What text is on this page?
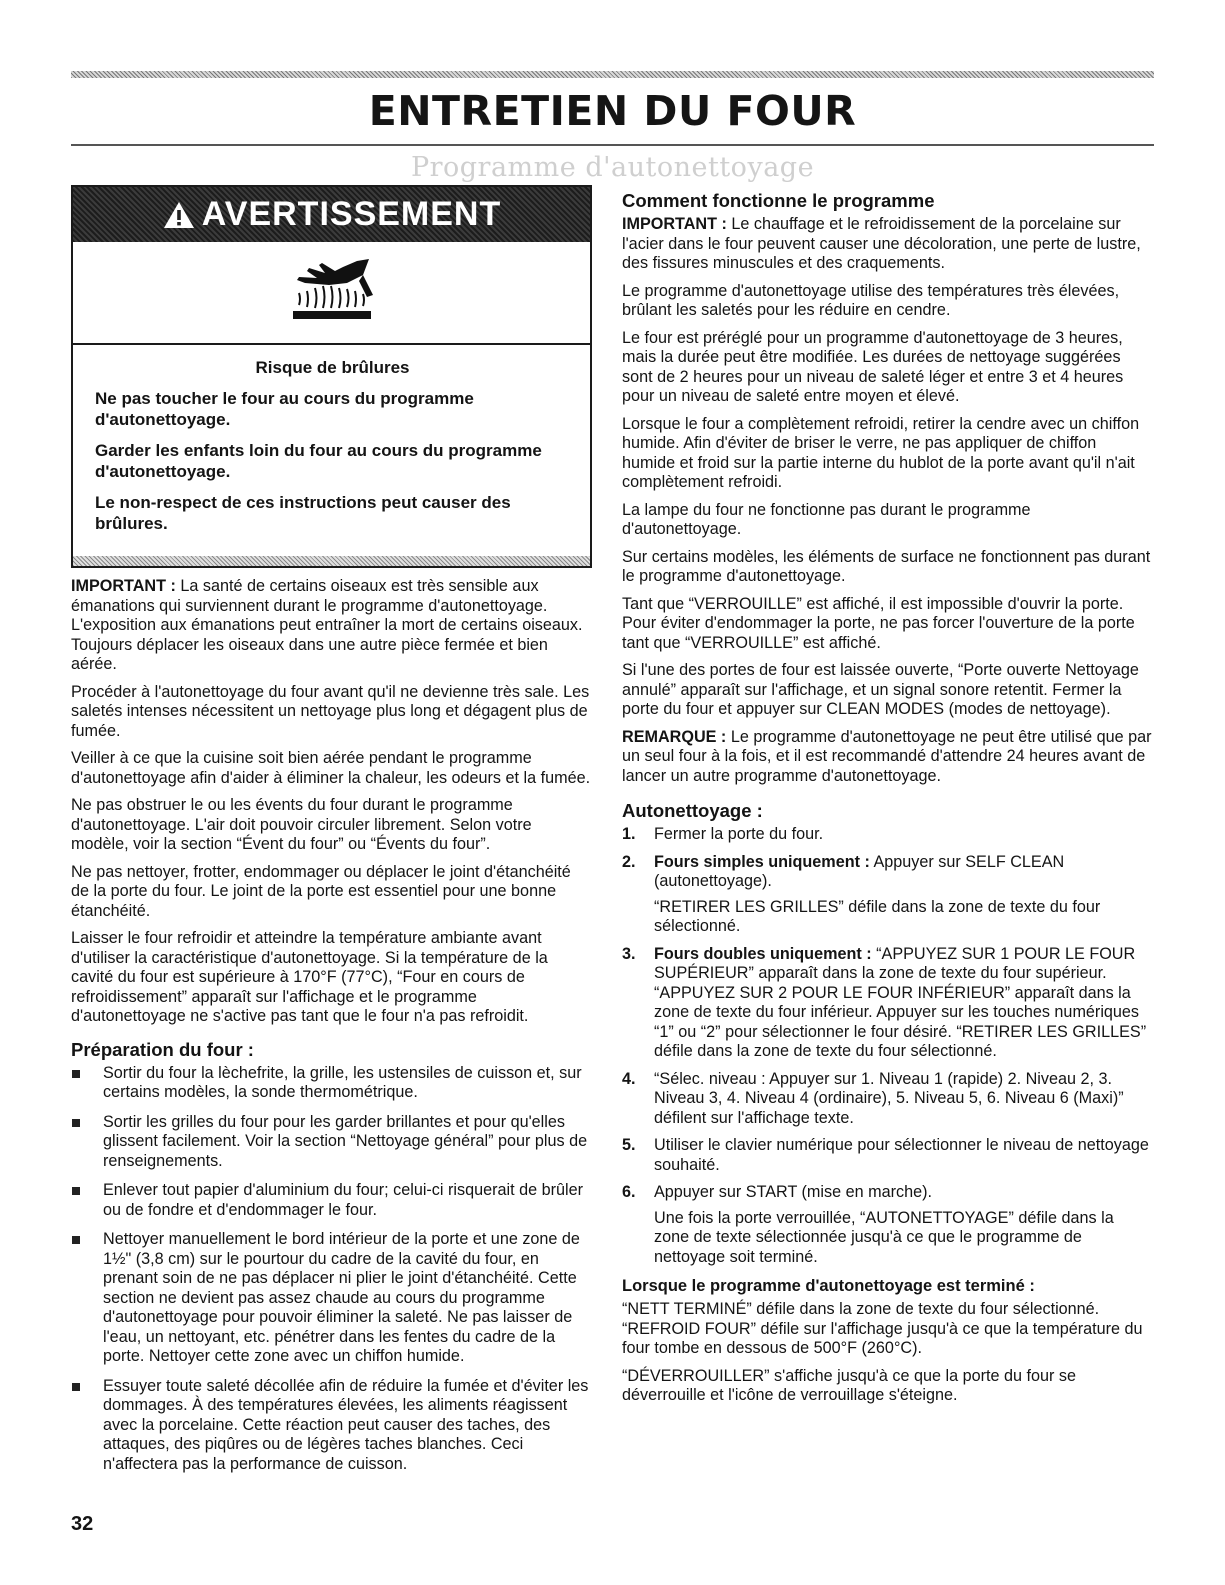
ENTRETIEN DU FOUR
Programme d'autonettoyage
AVERTISSEMENT
Risque de brûlures

Ne pas toucher le four au cours du programme d'autonettoyage.

Garder les enfants loin du four au cours du programme d'autonettoyage.

Le non-respect de ces instructions peut causer des brûlures.

IMPORTANT : La santé de certains oiseaux est très sensible aux émanations qui surviennent durant le programme d'autonettoyage. L'exposition aux émanations peut entraîner la mort de certains oiseaux. Toujours déplacer les oiseaux dans une autre pièce fermée et bien aérée.

Procéder à l'autonettoyage du four avant qu'il ne devienne très sale. Les saletés intenses nécessitent un nettoyage plus long et dégagent plus de fumée.

Veiller à ce que la cuisine soit bien aérée pendant le programme d'autonettoyage afin d'aider à éliminer la chaleur, les odeurs et la fumée.

Ne pas obstruer le ou les évents du four durant le programme d'autonettoyage. L'air doit pouvoir circuler librement. Selon votre modèle, voir la section “Évent du four” ou “Évents du four”.

Ne pas nettoyer, frotter, endommager ou déplacer le joint d'étanchéité de la porte du four. Le joint de la porte est essentiel pour une bonne étanchéité.

Laisser le four refroidir et atteindre la température ambiante avant d'utiliser la caractéristique d'autonettoyage. Si la température de la cavité du four est supérieure à 170°F (77°C), “Four en cours de refroidissement” apparaît sur l'affichage et le programme d'autonettoyage ne s'active pas tant que le four n'a pas refroidit.

Préparation du four :
Sortir du four la lèchefrite, la grille, les ustensiles de cuisson et, sur certains modèles, la sonde thermométrique.
Sortir les grilles du four pour les garder brillantes et pour qu'elles glissent facilement. Voir la section “Nettoyage général” pour plus de renseignements.
Enlever tout papier d'aluminium du four; celui-ci risquerait de brûler ou de fondre et d'endommager le four.
Nettoyer manuellement le bord intérieur de la porte et une zone de 1½" (3,8 cm) sur le pourtour du cadre de la cavité du four, en prenant soin de ne pas déplacer ni plier le joint d'étanchéité. Cette section ne devient pas assez chaude au cours du programme d'autonettoyage pour pouvoir éliminer la saleté. Ne pas laisser de l'eau, un nettoyant, etc. pénétrer dans les fentes du cadre de la porte. Nettoyer cette zone avec un chiffon humide.
Essuyer toute saleté décollée afin de réduire la fumée et d'éviter les dommages. À des températures élevées, les aliments réagissent avec la porcelaine. Cette réaction peut causer des taches, des attaques, des piqûres ou de légères taches blanches. Ceci n'affectera pas la performance de cuisson.
Comment fonctionne le programme

IMPORTANT : Le chauffage et le refroidissement de la porcelaine sur l'acier dans le four peuvent causer une décoloration, une perte de lustre, des fissures minuscules et des craquements.

Le programme d'autonettoyage utilise des températures très élevées, brûlant les saletés pour les réduire en cendre.

Le four est préréglé pour un programme d'autonettoyage de 3 heures, mais la durée peut être modifiée. Les durées de nettoyage suggérées sont de 2 heures pour un niveau de saleté léger et entre 3 et 4 heures pour un niveau de saleté entre moyen et élevé.

Lorsque le four a complètement refroidi, retirer la cendre avec un chiffon humide. Afin d'éviter de briser le verre, ne pas appliquer de chiffon humide et froid sur la partie interne du hublot de la porte avant qu'il n'ait complètement refroidi.

La lampe du four ne fonctionne pas durant le programme d'autonettoyage.

Sur certains modèles, les éléments de surface ne fonctionnent pas durant le programme d'autonettoyage.

Tant que “VERROUILLE” est affiché, il est impossible d'ouvrir la porte. Pour éviter d'endommager la porte, ne pas forcer l'ouverture de la porte tant que “VERROUILLE” est affiché.

Si l'une des portes de four est laissée ouverte, “Porte ouverte Nettoyage annulé” apparaît sur l'affichage, et un signal sonore retentit. Fermer la porte du four et appuyer sur CLEAN MODES (modes de nettoyage).

REMARQUE : Le programme d'autonettoyage ne peut être utilisé que par un seul four à la fois, et il est recommandé d'attendre 24 heures avant de lancer un autre programme d'autonettoyage.

Autonettoyage :
1. Fermer la porte du four.
2. Fours simples uniquement : Appuyer sur SELF CLEAN (autonettoyage).
“RETIRER LES GRILLES” défile dans la zone de texte du four sélectionné.
3. Fours doubles uniquement : “APPUYEZ SUR 1 POUR LE FOUR SUPÉRIEUR” apparaît dans la zone de texte du four supérieur. “APPUYEZ SUR 2 POUR LE FOUR INFÉRIEUR” apparaît dans la zone de texte du four inférieur. Appuyer sur les touches numériques “1” ou “2” pour sélectionner le four désiré. “RETIRER LES GRILLES” défile dans la zone de texte du four sélectionné.
4. “Sélec. niveau : Appuyer sur 1. Niveau 1 (rapide) 2. Niveau 2, 3. Niveau 3, 4. Niveau 4 (ordinaire), 5. Niveau 5, 6. Niveau 6 (Maxi)” défilent sur l'affichage texte.
5. Utiliser le clavier numérique pour sélectionner le niveau de nettoyage souhaité.
6. Appuyer sur START (mise en marche).
Une fois la porte verrouillée, “AUTONETTOYAGE” défile dans la zone de texte sélectionnée jusqu'à ce que le programme de nettoyage soit terminé.
Lorsque le programme d'autonettoyage est terminé :

“NETT TERMINÉ” défile dans la zone de texte du four sélectionné. “REFROID FOUR” défile sur l'affichage jusqu'à ce que la température du four tombe en dessous de 500°F (260°C).

“DÉVERROUILLER” s'affiche jusqu'à ce que la porte du four se déverrouille et l'icône de verrouillage s'éteigne.

32
